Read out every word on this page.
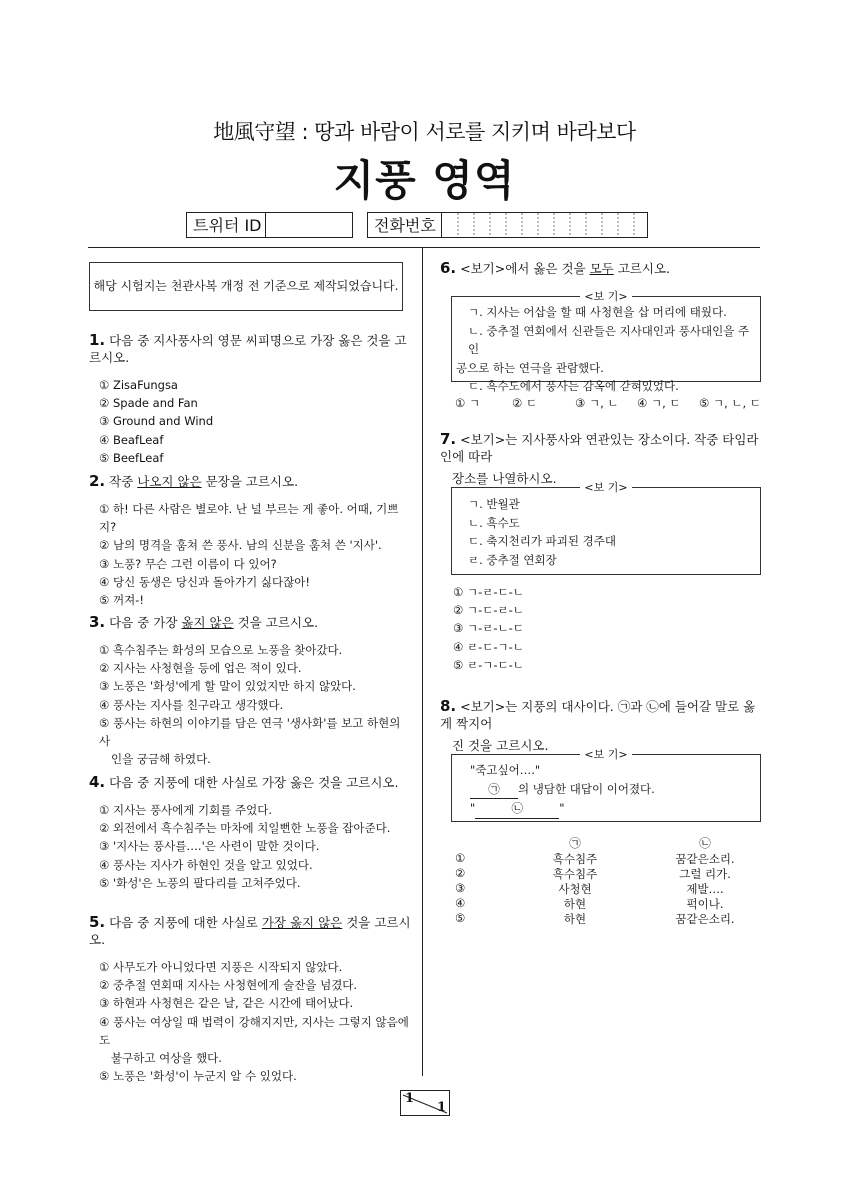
地風守望 : 땅과 바람이 서로를 지키며 바라보다
지풍 영역
트위터 ID	전화번호
해당 시험지는 천관사복 개정 전 기준으로 제작되었습니다.
1. 다음 중 지사풍사의 영문 씨피명으로 가장 옳은 것을 고르시오.
① ZisaFungsa
② Spade and Fan
③ Ground and Wind
④ BeafLeaf
⑤ BeefLeaf
2. 작중 나오지 않은 문장을 고르시오.
① 하! 다른 사람은 별로야. 난 널 부르는 게 좋아. 어때, 기쁘지?
② 남의 명격을 훔쳐 쓴 풍사. 남의 신분을 훔쳐 쓴 '지사'.
③ 노풍? 무슨 그런 이름이 다 있어?
④ 당신 동생은 당신과 돌아가기 싫다잖아!
⑤ 꺼져-!
3. 다음 중 가장 옳지 않은 것을 고르시오.
① 흑수침주는 화성의 모습으로 노풍을 찾아갔다.
② 지사는 사청현을 등에 업은 적이 있다.
③ 노풍은 '화성'에게 할 말이 있었지만 하지 않았다.
④ 풍사는 지사를 친구라고 생각했다.
⑤ 풍사는 하현의 이야기를 담은 연극 '생사화'를 보고 하현의 사
인을 궁금해 하였다.
4. 다음 중 지풍에 대한 사실로 가장 옳은 것을 고르시오.
① 지사는 풍사에게 기회를 주었다.
② 외전에서 흑수침주는 마차에 치일뻔한 노풍을 잡아준다.
③ '지사는 풍사를….'은 사련이 말한 것이다.
④ 풍사는 지사가 하현인 것을 알고 있었다.
⑤ '화성'은 노풍의 팔다리를 고쳐주었다.
5. 다음 중 지풍에 대한 사실로 가장 옳지 않은 것을 고르시오.
① 사무도가 아니었다면 지풍은 시작되지 않았다.
② 중추절 연회때 지사는 사청현에게 술잔을 넘겼다.
③ 하현과 사청현은 같은 날, 같은 시간에 태어났다.
④ 풍사는 여상일 때 법력이 강해지지만, 지사는 그렇지 않음에도
불구하고 여상을 했다.
⑤ 노풍은 '화성'이 누군지 알 수 있었다.
6. <보기>에서 옳은 것을 모두 고르시오.
<보 기>
ㄱ. 지사는 어삽을 할 때 사청현을 삽 머리에 태웠다.
ㄴ. 중추절 연회에서 신관들은 지사대인과 풍사대인을 주인
공으로 하는 연극을 관람했다.
ㄷ. 흑수도에서 풍사는 감옥에 갇혀있었다.
① ㄱ	② ㄷ	③ ㄱ, ㄴ ④ ㄱ, ㄷ ⑤ ㄱ, ㄴ, ㄷ
7. <보기>는 지사풍사와 연관있는 장소이다. 작중 타임라인에 따라
장소를 나열하시오.
<보 기>
ㄱ. 반월관
ㄴ. 흑수도
ㄷ. 축지천리가 파괴된 경주대
ㄹ. 중추절 연회장
① ㄱ-ㄹ-ㄷ-ㄴ
② ㄱ-ㄷ-ㄹ-ㄴ
③ ㄱ-ㄹ-ㄴ-ㄷ
④ ㄹ-ㄷ-ㄱ-ㄴ
⑤ ㄹ-ㄱ-ㄷ-ㄴ
8. <보기>는 지풍의 대사이다. ㉠과 ㉡에 들어갈 말로 옳게 짝지어
진 것을 고르시오.
<보 기>
"죽고싶어…."
㉠ 의 냉담한 대답이 이어졌다.
"	㉡	"
㉠	㉡
①	흑수침주	꿈같은소리.
②	흑수침주	그럴 리가.
③	사청현	제발….
④	하현	퍽이나.
⑤	하현	꿈같은소리.
1
1
